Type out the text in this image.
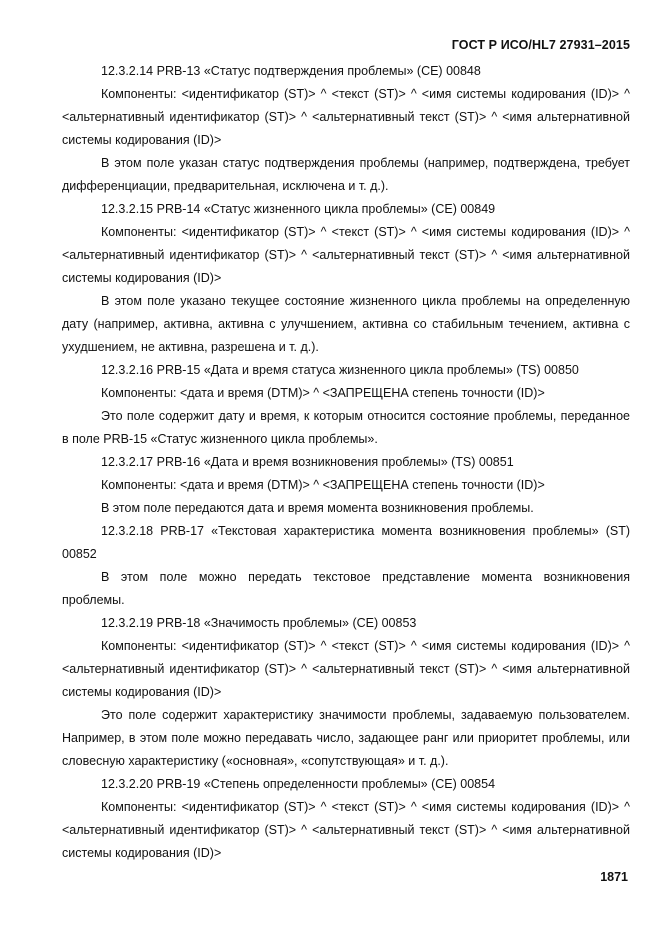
ГОСТ Р ИСО/HL7 27931–2015

12.3.2.14 PRB-13 «Статус подтверждения проблемы» (CE) 00848

Компоненты: <идентификатор (ST)> ^ <текст (ST)> ^ <имя системы кодирования (ID)> ^ <альтернативный идентификатор (ST)> ^ <альтернативный текст (ST)> ^ <имя альтернативной системы кодирования (ID)>

В этом поле указан статус подтверждения проблемы (например, подтверждена, требует дифференциации, предварительная, исключена и т. д.).

12.3.2.15 PRB-14 «Статус жизненного цикла проблемы» (CE) 00849

Компоненты: <идентификатор (ST)> ^ <текст (ST)> ^ <имя системы кодирования (ID)> ^ <альтернативный идентификатор (ST)> ^ <альтернативный текст (ST)> ^ <имя альтернативной системы кодирования (ID)>

В этом поле указано текущее состояние жизненного цикла проблемы на определенную дату (например, активна, активна с улучшением, активна со стабильным течением, активна с ухудшением, не активна, разрешена и т. д.).

12.3.2.16 PRB-15 «Дата и время статуса жизненного цикла проблемы» (TS) 00850

Компоненты: <дата и время (DTM)> ^ <ЗАПРЕЩЕНА степень точности (ID)>

Это поле содержит дату и время, к которым относится состояние проблемы, переданное в поле PRB-15 «Статус жизненного цикла проблемы».

12.3.2.17 PRB-16 «Дата и время возникновения проблемы» (TS) 00851

Компоненты: <дата и время (DTM)> ^ <ЗАПРЕЩЕНА степень точности (ID)>

В этом поле передаются дата и время момента возникновения проблемы.

12.3.2.18 PRB-17 «Текстовая характеристика момента возникновения проблемы» (ST) 00852

В этом поле можно передать текстовое представление момента возникновения проблемы.

12.3.2.19 PRB-18 «Значимость проблемы» (CE) 00853

Компоненты: <идентификатор (ST)> ^ <текст (ST)> ^ <имя системы кодирования (ID)> ^ <альтернативный идентификатор (ST)> ^ <альтернативный текст (ST)> ^ <имя альтернативной системы кодирования (ID)>

Это поле содержит характеристику значимости проблемы, задаваемую пользователем. Например, в этом поле можно передавать число, задающее ранг или приоритет проблемы, или словесную характеристику («основная», «сопутствующая» и т. д.).

12.3.2.20 PRB-19 «Степень определенности проблемы» (CE) 00854

Компоненты: <идентификатор (ST)> ^ <текст (ST)> ^ <имя системы кодирования (ID)> ^ <альтернативный идентификатор (ST)> ^ <альтернативный текст (ST)> ^ <имя альтернативной системы кодирования (ID)>

1871
